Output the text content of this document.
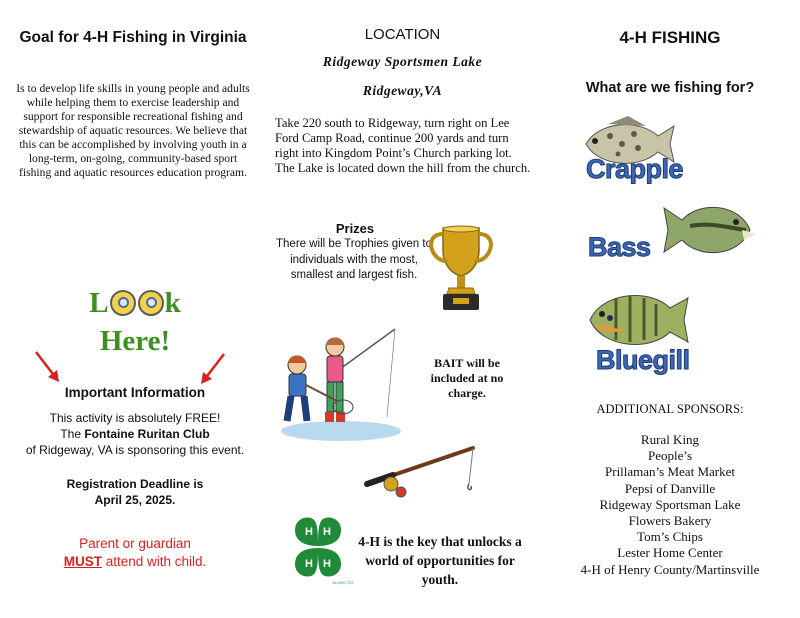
Goal for 4-H Fishing in Virginia
Is to develop life skills in young people and adults while helping them to exercise leadership and support for responsible recreational fishing and stewardship of aquatic resources. We believe that this can be accomplished by involving youth in a long-term, on-going, community-based sport fishing and aquatic resources education program.
L k
Here!
Important Information
This activity is absolutely FREE!
The Fontaine Ruritan Club
of Ridgeway, VA is sponsoring this event.
Registration Deadline is
April 25, 2025.
Parent or guardian
MUST attend with child.
LOCATION
Ridgeway Sportsmen Lake
Ridgeway,VA
Take 220 south to Ridgeway, turn right on Lee Ford Camp Road, continue 200 yards and turn right into Kingdom Point’s Church parking lot. The Lake is located down the hill from the church.
Prizes
There will be Trophies given to individuals with the most, smallest and largest fish.
BAIT will be included at no charge.
H H
H H
18 USC 707
4-H is the key that unlocks a world of opportunities for youth.
4-H FISHING
What are we fishing for?
Crapple
Bass
Bluegill
ADDITIONAL SPONSORS:
Rural King
People’s
Prillaman’s Meat Market
Pepsi of Danville
Ridgeway Sportsman Lake
Flowers Bakery
Tom’s Chips
Lester Home Center
4-H of Henry County/Martinsville
